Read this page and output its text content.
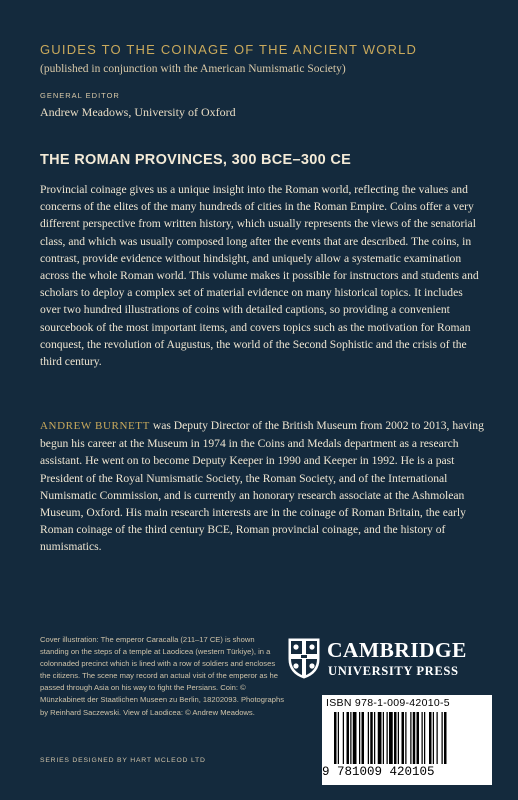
GUIDES TO THE COINAGE OF THE ANCIENT WORLD
(published in conjunction with the American Numismatic Society)
GENERAL EDITOR
Andrew Meadows, University of Oxford
THE ROMAN PROVINCES, 300 BCE–300 CE

Provincial coinage gives us a unique insight into the Roman world, reflecting the values and concerns of the elites of the many hundreds of cities in the Roman Empire. Coins offer a very different perspective from written history, which usually represents the views of the senatorial class, and which was usually composed long after the events that are described. The coins, in contrast, provide evidence without hindsight, and uniquely allow a systematic examination across the whole Roman world. This volume makes it possible for instructors and students and scholars to deploy a complex set of material evidence on many historical topics. It includes over two hundred illustrations of coins with detailed captions, so providing a convenient sourcebook of the most important items, and covers topics such as the motivation for Roman conquest, the revolution of Augustus, the world of the Second Sophistic and the crisis of the third century.

ANDREW BURNETT was Deputy Director of the British Museum from 2002 to 2013, having begun his career at the Museum in 1974 in the Coins and Medals department as a research assistant. He went on to become Deputy Keeper in 1990 and Keeper in 1992. He is a past President of the Royal Numismatic Society, the Roman Society, and of the International Numismatic Commission, and is currently an honorary research associate at the Ashmolean Museum, Oxford. His main research interests are in the coinage of Roman Britain, the early Roman coinage of the third century BCE, Roman provincial coinage, and the history of numismatics.

Cover illustration: The emperor Caracalla (211–17 CE) is shown standing on the steps of a temple at Laodicea (western Türkiye), in a colonnaded precinct which is lined with a row of soldiers and encloses the citizens. The scene may record an actual visit of the emperor as he passed through Asia on his way to fight the Persians. Coin: © Münzkabinett der Staatlichen Museen zu Berlin, 18202093. Photographs by Reinhard Saczewski. View of Laodicea: © Andrew Meadows.

SERIES DESIGNED BY HART MCLEOD LTD
CAMBRIDGE
UNIVERSITY PRESS
ISBN 978-1-009-42010-5
9 781009 420105
